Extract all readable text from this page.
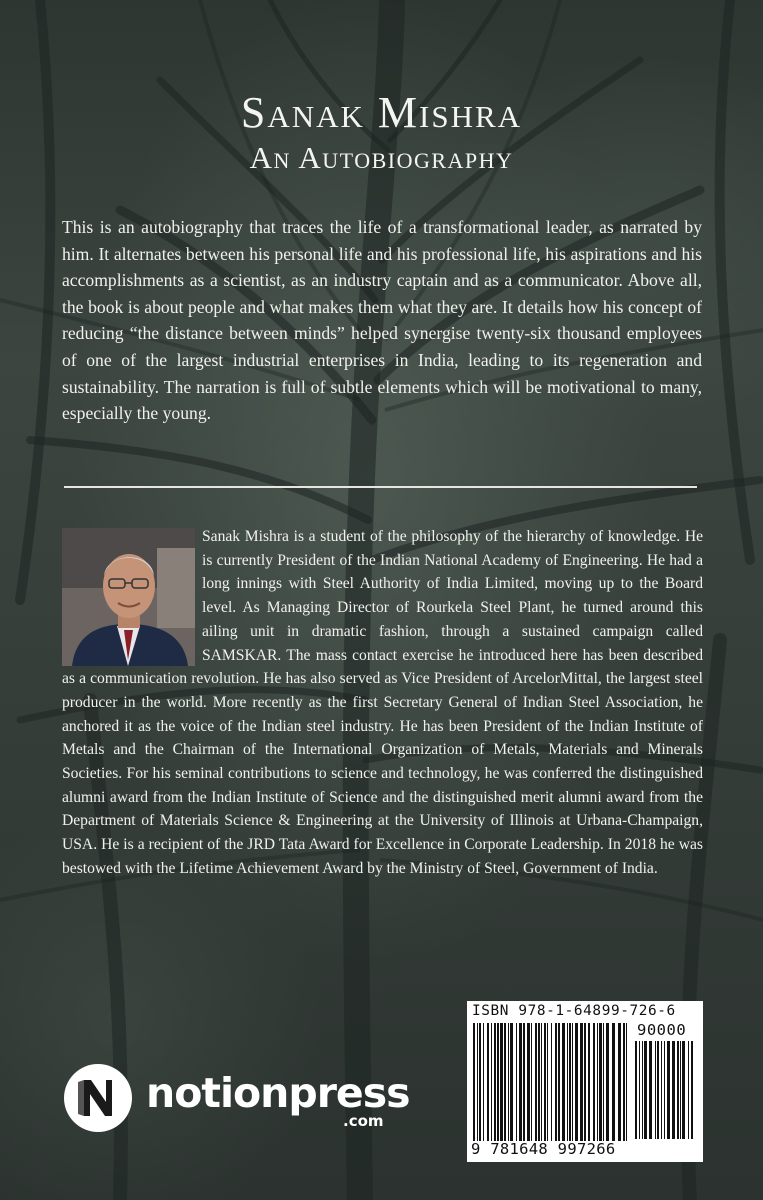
Sanak Mishra
An Autobiography
This is an autobiography that traces the life of a transformational leader, as narrated by him. It alternates between his personal life and his professional life, his aspirations and his accomplishments as a scientist, as an industry captain and as a communicator. Above all, the book is about people and what makes them what they are. It details how his concept of reducing “the distance between minds” helped synergise twenty-six thousand employees of one of the largest industrial enterprises in India, leading to its regeneration and sustainability. The narration is full of subtle elements which will be motivational to many, especially the young.
Sanak Mishra is a student of the philosophy of the hierarchy of knowledge. He is currently President of the Indian National Academy of Engineering. He had a long innings with Steel Authority of India Limited, moving up to the Board level. As Managing Director of Rourkela Steel Plant, he turned around this ailing unit in dramatic fashion, through a sustained campaign called SAMSKAR. The mass contact exercise he introduced here has been described as a communication revolution. He has also served as Vice President of ArcelorMittal, the largest steel producer in the world. More recently as the first Secretary General of Indian Steel Association, he anchored it as the voice of the Indian steel industry. He has been President of the Indian Institute of Metals and the Chairman of the International Organization of Metals, Materials and Minerals Societies. For his seminal contributions to science and technology, he was conferred the distinguished alumni award from the Indian Institute of Science and the distinguished merit alumni award from the Department of Materials Science & Engineering at the University of Illinois at Urbana-Champaign, USA. He is a recipient of the JRD Tata Award for Excellence in Corporate Leadership. In 2018 he was bestowed with the Lifetime Achievement Award by the Ministry of Steel, Government of India.
notionpress
.com
ISBN 978-1-64899-726-6
90000
9 781648 997266
